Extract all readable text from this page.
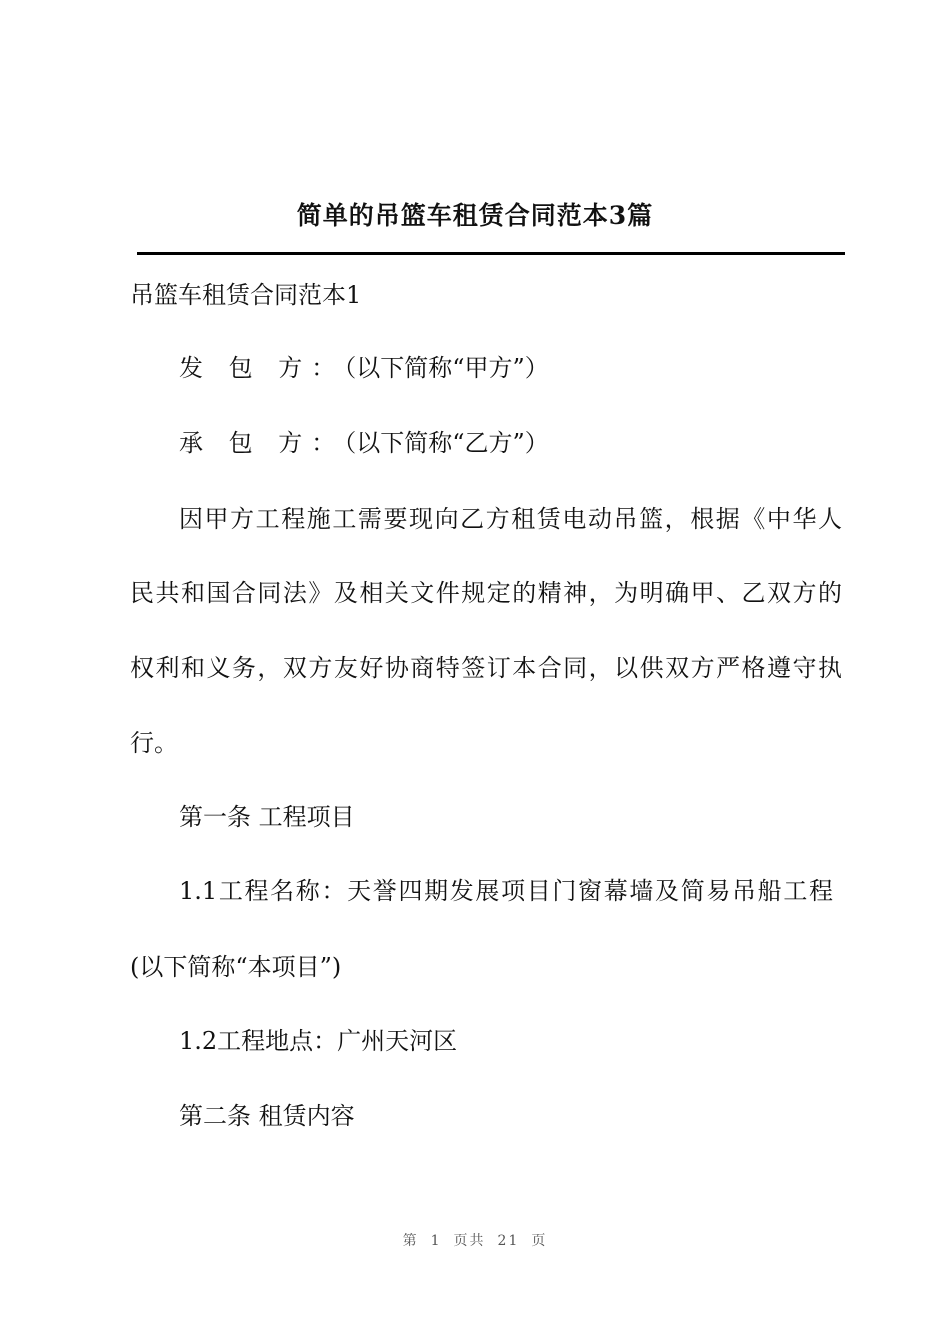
简单的吊篮车租赁合同范本3篇
吊篮车租赁合同范本1
发 包 方：（以下简称“甲方”）
承 包 方：（以下简称“乙方”）
因甲方工程施工需要现向乙方租赁电动吊篮，根据《中华人
民共和国合同法》及相关文件规定的精神，为明确甲、乙双方的
权利和义务，双方友好协商特签订本合同，以供双方严格遵守执
行。
第一条 工程项目
1.1工程名称：天誉四期发展项目门窗幕墙及简易吊船工程
(以下简称“本项目”)
1.2工程地点：广州天河区
第二条 租赁内容
第 1 页共 21 页
